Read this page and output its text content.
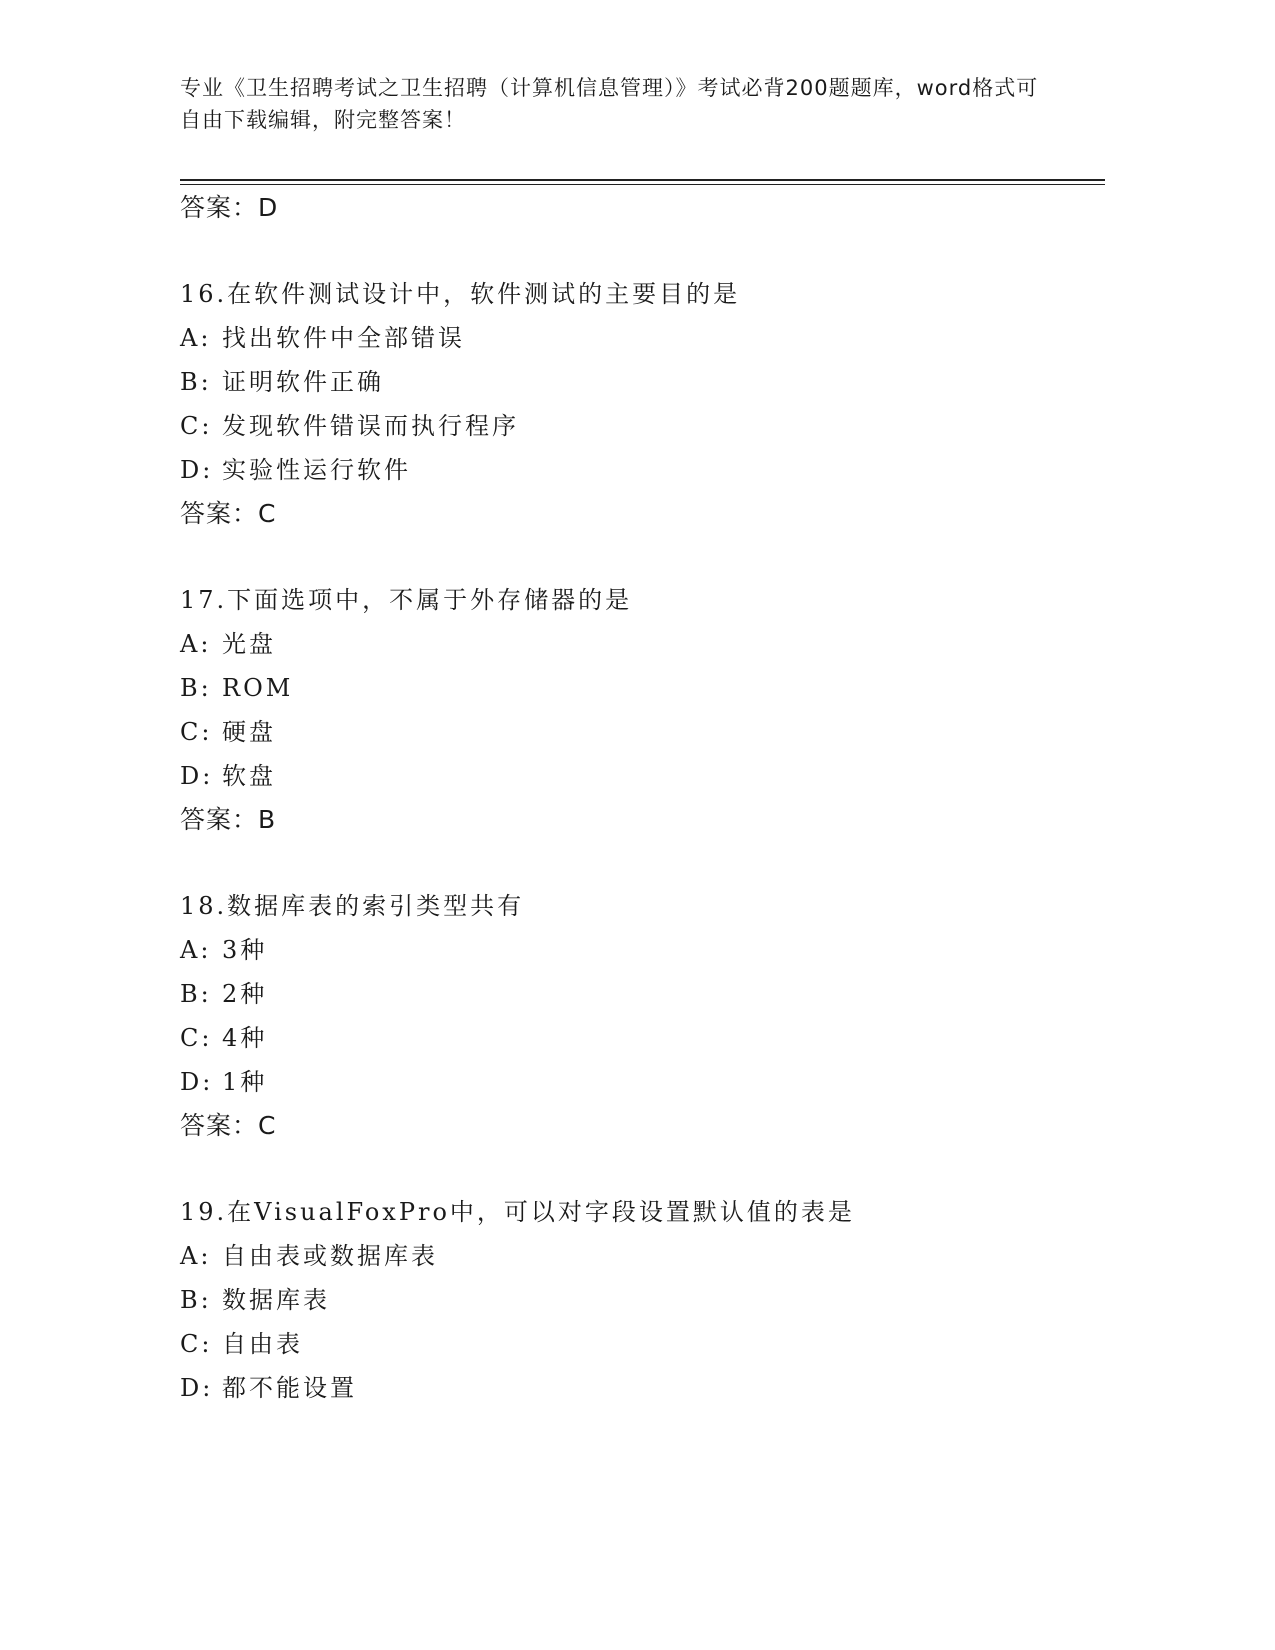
专业《卫生招聘考试之卫生招聘（计算机信息管理）》考试必背200题题库，word格式可自由下载编辑，附完整答案！
答案：D
16.在软件测试设计中，软件测试的主要目的是
A: 找出软件中全部错误
B: 证明软件正确
C: 发现软件错误而执行程序
D: 实验性运行软件
答案：C
17.下面选项中，不属于外存储器的是
A: 光盘
B: ROM
C: 硬盘
D: 软盘
答案：B
18.数据库表的索引类型共有
A: 3种
B: 2种
C: 4种
D: 1种
答案：C
19.在VisualFoxPro中，可以对字段设置默认值的表是
A: 自由表或数据库表
B: 数据库表
C: 自由表
D: 都不能设置
